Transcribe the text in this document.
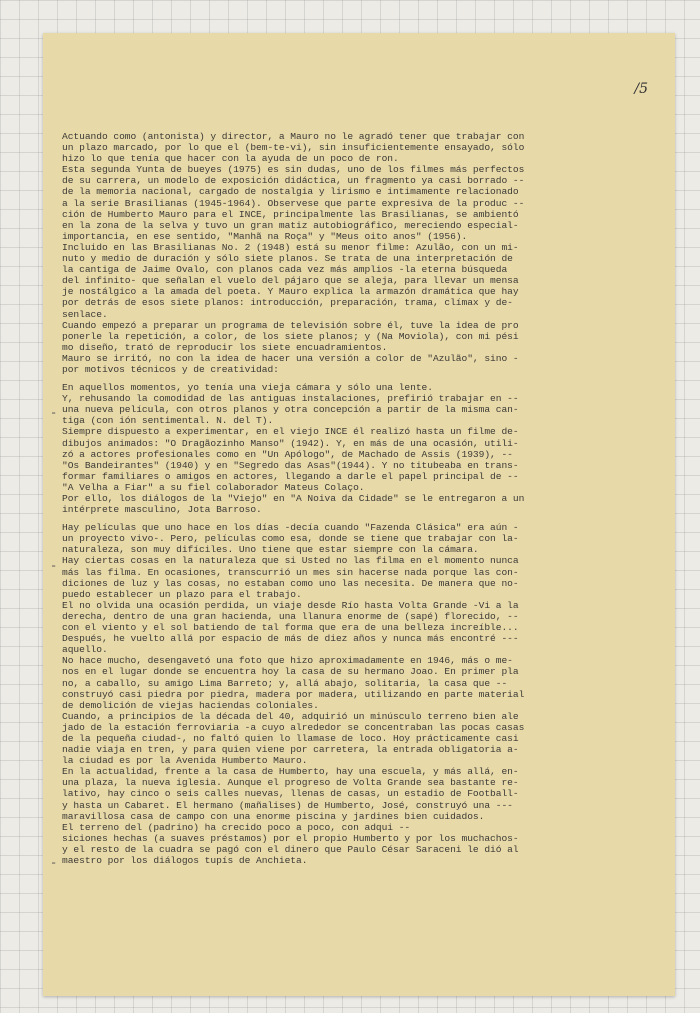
/5
-
-
-
Actuando como (antonista) y director, a Mauro no le agradó tener que trabajar con
un plazo marcado, por lo que el (bem-te-vi), sin insuficientemente ensayado, sólo
hizo lo que tenía que hacer con la ayuda de un poco de ron.
Esta segunda Yunta de bueyes (1975) es sin dudas, uno de los filmes más perfectos
de su carrera, un modelo de exposición didáctica, un fragmento ya casi borrado --
de la memoria nacional, cargado de nostalgia y lirismo e intimamente relacionado
a la serie Brasilianas (1945-1964). Observese que parte expresiva de la produc --
ción de Humberto Mauro para el INCE, principalmente las Brasilianas, se ambientó
en la zona de la selva y tuvo un gran matiz autobiográfico, mereciendo especial-
importancia, en ese sentido, "Manhã na Roça" y "Meus oito anos" (1956).
Incluido en las Brasilianas No. 2 (1948) está su menor filme: Azulão, con un mi-
nuto y medio de duración y sólo siete planos. Se trata de una interpretación de
la cantiga de Jaime Ovalo, con planos cada vez más amplios -la eterna búsqueda
del infinito- que señalan el vuelo del pájaro que se aleja, para llevar un mensa
je nostálgico a la amada del poeta. Y Mauro explica la armazón dramática que hay
por detrás de esos siete planos: introducción, preparación, trama, clímax y de-
senlace.
Cuando empezó a preparar un programa de televisión sobre él, tuve la idea de pro
ponerle la repetición, a color, de los siete planos; y (Na Moviola), con mi pési
mo diseño, trató de reproducir los siete encuadramientos.
Mauro se irritó, no con la idea de hacer una versión a color de "Azulão", sino -
por motivos técnicos y de creatividad:
En aquellos momentos, yo tenía una vieja cámara y sólo una lente.
Y, rehusando la comodidad de las antiguas instalaciones, prefirió trabajar en --
una nueva película, con otros planos y otra concepción a partir de la misma can-
tiga (con ión sentimental. N. del T).
Siempre dispuesto a experimentar, en el viejo INCE él realizó hasta un filme de-
dibujos animados: "O Dragãozinho Manso" (1942). Y, en más de una ocasión, utili-
zó a actores profesionales como en "Un Apólogo", de Machado de Assis (1939), --
"Os Bandeirantes" (1940) y en "Segredo das Asas"(1944). Y no titubeaba en trans-
formar familiares o amigos en actores, llegando a darle el papel principal de --
"A Velha a Fiar" a su fiel colaborador Mateus Colaço.
Por ello, los diálogos de la "Viejo" en "A Noiva da Cidade" se le entregaron a un
intérprete masculino, Jota Barroso.
Hay películas que uno hace en los días -decía cuando "Fazenda Clásica" era aún -
un proyecto vivo-. Pero, películas como esa, donde se tiene que trabajar con la-
naturaleza, son muy difíciles. Uno tiene que estar siempre con la cámara.
Hay ciertas cosas en la naturaleza que si Usted no las filma en el momento nunca
más las filma. En ocasiones, transcurrió un mes sin hacerse nada porque las con-
diciones de luz y las cosas, no estaban como uno las necesita. De manera que no-
puedo establecer un plazo para el trabajo.
El no olvida una ocasión perdida, un viaje desde Río hasta Volta Grande -Vi a la
derecha, dentro de una gran hacienda, una llanura enorme de (sapé) florecido, --
con el viento y el sol batiendo de tal forma que era de una belleza increíble...
Después, he vuelto allá por espacio de más de diez años y nunca más encontré ---
aquello.
No hace mucho, desengavetó una foto que hizo aproximadamente en 1946, más o me-
nos en el lugar donde se encuentra hoy la casa de su hermano Joao. En primer pla
no, a caballo, su amigo Lima Barreto; y, allá abajo, solitaria, la casa que --
construyó casi piedra por piedra, madera por madera, utilizando en parte material
de demolición de viejas haciendas coloniales.
Cuando, a principios de la década del 40, adquirió un minúsculo terreno bien ale
jado de la estación ferroviaria -a cuyo alrededor se concentraban las pocas casas
de la pequeña ciudad-, no faltó quien lo llamase de loco. Hoy prácticamente casi
nadie viaja en tren, y para quien viene por carretera, la entrada obligatoria a-
la ciudad es por la Avenida Humberto Mauro.
En la actualidad, frente a la casa de Humberto, hay una escuela, y más allá, en-
una plaza, la nueva iglesia. Aunque el progreso de Volta Grande sea bastante re-
lativo, hay cinco o seis calles nuevas, llenas de casas, un estadio de Football-
y hasta un Cabaret. El hermano (mañalises) de Humberto, José, construyó una ---
maravillosa casa de campo con una enorme piscina y jardines bien cuidados.
El terreno del (padrino) ha crecido poco a poco, con adqui --
siciones hechas (a suaves préstamos) por el propio Humberto y por los muchachos-
y el resto de la cuadra se pagó con el dinero que Paulo César Saraceni le dió al
maestro por los diálogos tupís de Anchieta.
